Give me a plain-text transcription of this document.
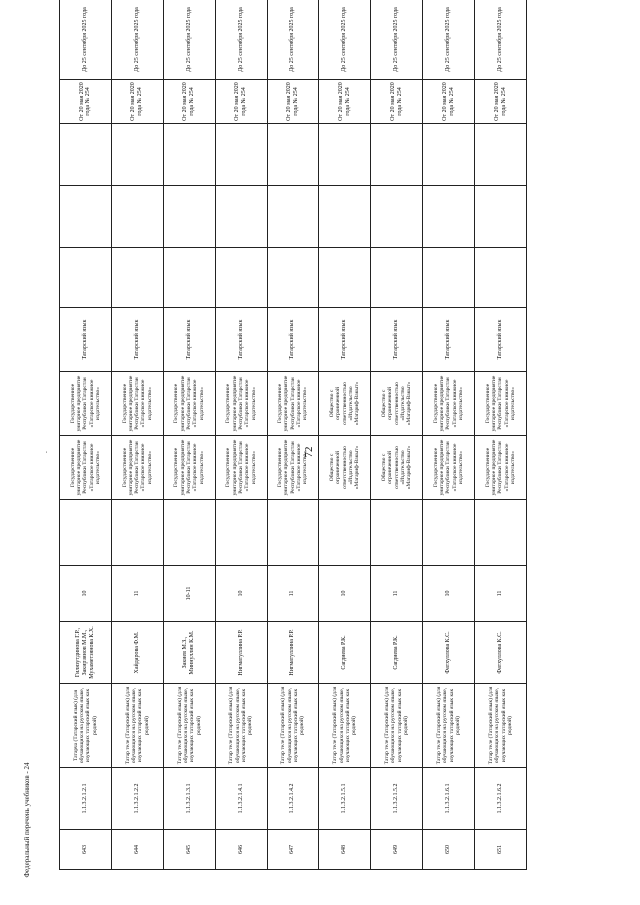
72
·
Федеральный перечень учебников - 24	643	1.1.3.2.1.2.1	Татарча (Татарский язык) (для обучающихся на русском языке, изучающих татарский язык как родной)	Гилязутдинова Г.Р., Закирзянов М.М., Мухаметзянова К.Х.	10		Государственное унитарное предприятие Республики Татарстан «Татарское книжное издательство»	Государственное унитарное предприятие Республики Татарстан «Татарское книжное издательство»	Татарский язык				От 20 мая 2020 года № 254	До 25 сентября 2025 года
644	1.1.3.2.1.2.2	Татар теле (Татарский язык) (для обучающихся на русском языке, изучающих татарский язык как родной)	Хайдарова Ф.М.	11		Государственное унитарное предприятие Республики Татарстан «Татарское книжное издательство»	Государственное унитарное предприятие Республики Татарстан «Татарское книжное издательство»	Татарский язык				От 20 мая 2020 года № 254	До 25 сентября 2025 года
645	1.1.3.2.1.3.1	Татар теле (Татарский язык) (для обучающихся на русском языке, изучающих татарский язык как родной)	Закиев М.З., Миннуллин К.М.	10-11		Государственное унитарное предприятие Республики Татарстан «Татарское книжное издательство»	Государственное унитарное предприятие Республики Татарстан «Татарское книжное издательство»	Татарский язык				От 20 мая 2020 года № 254	До 25 сентября 2025 года
646	1.1.3.2.1.4.1	Татар теле (Татарский язык) (для обучающихся на русском языке, изучающих татарский язык как родной)	Нигматуллина Р.Р.	10		Государственное унитарное предприятие Республики Татарстан «Татарское книжное издательство»	Государственное унитарное предприятие Республики Татарстан «Татарское книжное издательство»	Татарский язык				От 20 мая 2020 года № 254	До 25 сентября 2025 года
647	1.1.3.2.1.4.2	Татар теле (Татарский язык) (для обучающихся на русском языке, изучающих татарский язык как родной)	Нигматуллина Р.Р.	11		Государственное унитарное предприятие Республики Татарстан «Татарское книжное издательство»	Государственное унитарное предприятие Республики Татарстан «Татарское книжное издательство»	Татарский язык				От 20 мая 2020 года № 254	До 25 сентября 2025 года
648	1.1.3.2.1.5.1	Татар теле (Татарский язык) (для обучающихся на русском языке, изучающих татарский язык как родной)	Сагдиева Р.К.	10		Общество с ограниченной ответственностью «Издательство «Магариф-Вакыт»	Общество с ограниченной ответственностью «Издательство «Магариф-Вакыт»	Татарский язык				От 20 мая 2020 года № 254	До 25 сентября 2025 года
649	1.1.3.2.1.5.2	Татар теле (Татарский язык) (для обучающихся на русском языке, изучающих татарский язык как родной)	Сагдиева Р.К.	11		Общество с ограниченной ответственностью «Издательство «Магариф-Вакыт»	Общество с ограниченной ответственностью «Издательство «Магариф-Вакыт»	Татарский язык				От 20 мая 2020 года № 254	До 25 сентября 2025 года
650	1.1.3.2.1.6.1	Татар теле (Татарский язык) (для обучающихся на русском языке, изучающих татарский язык как родной)	Фатхуллова К.С.	10		Государственное унитарное предприятие Республики Татарстан «Татарское книжное издательство»	Государственное унитарное предприятие Республики Татарстан «Татарское книжное издательство»	Татарский язык				От 20 мая 2020 года № 254	До 25 сентября 2025 года
651	1.1.3.2.1.6.2	Татар теле (Татарский язык) (для обучающихся на русском языке, изучающих татарский язык как родной)	Фатхуллова К.С.	11		Государственное унитарное предприятие Республики Татарстан «Татарское книжное издательство»	Государственное унитарное предприятие Республики Татарстан «Татарское книжное издательство»	Татарский язык				От 20 мая 2020 года № 254	До 25 сентября 2025 года
